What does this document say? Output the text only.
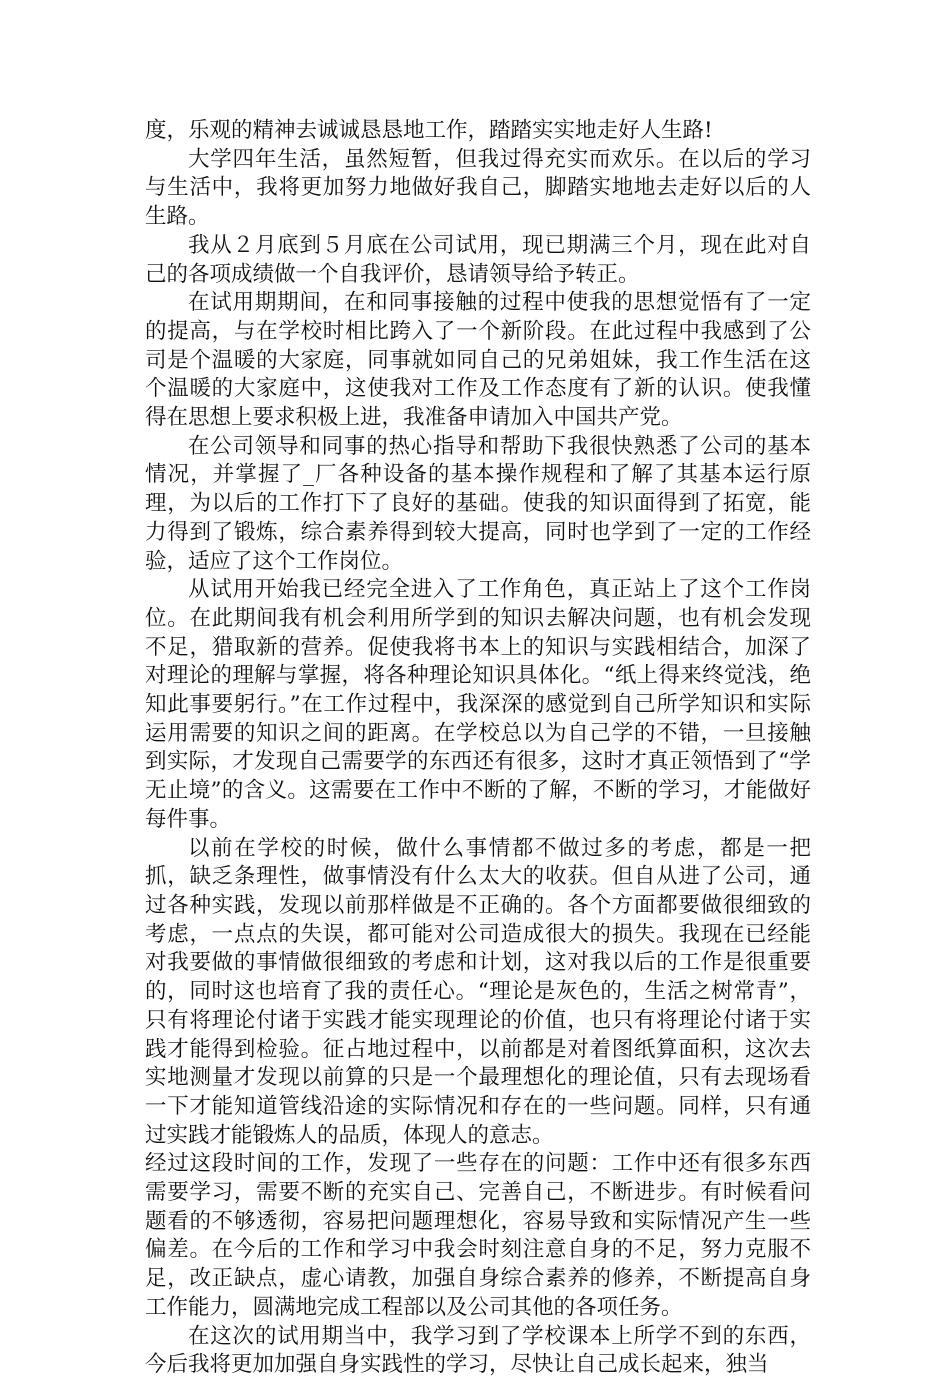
度，乐观的精神去诚诚恳恳地工作，踏踏实实地走好人生路!

大学四年生活，虽然短暂，但我过得充实而欢乐。在以后的学习与生活中，我将更加努力地做好我自己，脚踏实地地去走好以后的人生路。

我从２月底到５月底在公司试用，现已期满三个月，现在此对自己的各项成绩做一个自我评价，恳请领导给予转正。

在试用期期间，在和同事接触的过程中使我的思想觉悟有了一定的提高，与在学校时相比跨入了一个新阶段。在此过程中我感到了公司是个温暖的大家庭，同事就如同自己的兄弟姐妹，我工作生活在这个温暖的大家庭中，这使我对工作及工作态度有了新的认识。使我懂得在思想上要求积极上进，我准备申请加入中国共产党。

在公司领导和同事的热心指导和帮助下我很快熟悉了公司的基本情况，并掌握了_厂各种设备的基本操作规程和了解了其基本运行原理，为以后的工作打下了良好的基础。使我的知识面得到了拓宽，能力得到了锻炼，综合素养得到较大提高，同时也学到了一定的工作经验，适应了这个工作岗位。

从试用开始我已经完全进入了工作角色，真正站上了这个工作岗位。在此期间我有机会利用所学到的知识去解决问题，也有机会发现不足，猎取新的营养。促使我将书本上的知识与实践相结合，加深了对理论的理解与掌握，将各种理论知识具体化。“纸上得来终觉浅，绝知此事要躬行。”在工作过程中，我深深的感觉到自己所学知识和实际运用需要的知识之间的距离。在学校总以为自己学的不错，一旦接触到实际，才发现自己需要学的东西还有很多，这时才真正领悟到了“学无止境”的含义。这需要在工作中不断的了解，不断的学习，才能做好每件事。

以前在学校的时候，做什么事情都不做过多的考虑，都是一把抓，缺乏条理性，做事情没有什么太大的收获。但自从进了公司，通过各种实践，发现以前那样做是不正确的。各个方面都要做很细致的考虑，一点点的失误，都可能对公司造成很大的损失。我现在已经能对我要做的事情做很细致的考虑和计划，这对我以后的工作是很重要的，同时这也培育了我的责任心。“理论是灰色的，生活之树常青”，只有将理论付诸于实践才能实现理论的价值，也只有将理论付诸于实践才能得到检验。征占地过程中，以前都是对着图纸算面积，这次去实地测量才发现以前算的只是一个最理想化的理论值，只有去现场看一下才能知道管线沿途的实际情况和存在的一些问题。同样，只有通过实践才能锻炼人的品质，体现人的意志。

经过这段时间的工作，发现了一些存在的问题：工作中还有很多东西需要学习，需要不断的充实自己、完善自己，不断进步。有时候看问题看的不够透彻，容易把问题理想化，容易导致和实际情况产生一些偏差。在今后的工作和学习中我会时刻注意自身的不足，努力克服不足，改正缺点，虚心请教，加强自身综合素养的修养，不断提高自身工作能力，圆满地完成工程部以及公司其他的各项任务。

在这次的试用期当中，我学习到了学校课本上所学不到的东西，今后我将更加加强自身实践性的学习，尽快让自己成长起来，独当
